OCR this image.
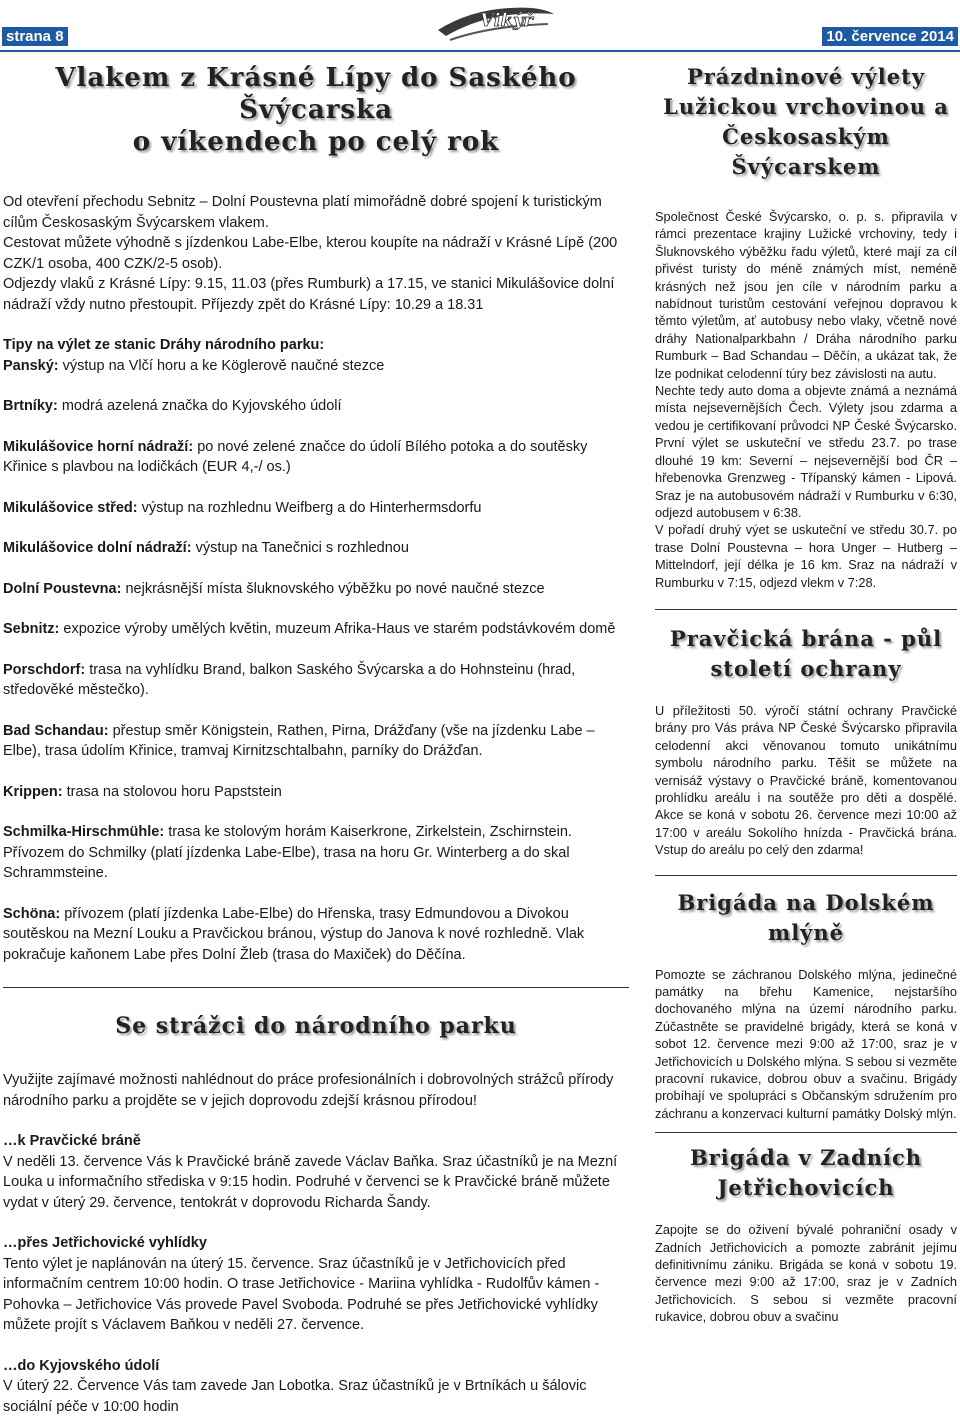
strana 8
Vikýř
10. července 2014
Vlakem z Krásné Lípy do Saského Švýcarska
o víkendech po celý rok

Od otevření přechodu Sebnitz – Dolní Poustevna platí mimořádně dobré spojení k turistickým cílům Českosaským Švýcarskem vlakem.

Cestovat můžete výhodně s jízdenkou Labe-Elbe, kterou koupíte na nádraží v Krásné Lípě (200 CZK/1 osoba, 400 CZK/2-5 osob).

Odjezdy vlaků z Krásné Lípy: 9.15, 11.03 (přes Rumburk) a 17.15, ve stanici Mikulášovice dolní nádraží vždy nutno přestoupit. Příjezdy zpět do Krásné Lípy: 10.29 a 18.31

Tipy na výlet ze stanic Dráhy národního parku:

Panský: výstup na Vlčí horu a ke Köglerově naučné stezce

Brtníky: modrá azelená značka do Kyjovského údolí

Mikulášovice horní nádraží: po nové zelené značce do údolí Bílého potoka a do soutěsky Křinice s plavbou na lodičkách (EUR 4,-/ os.)

Mikulášovice střed: výstup na rozhlednu Weifberg a do Hinterhermsdorfu

Mikulášovice dolní nádraží: výstup na Tanečnici s rozhlednou

Dolní Poustevna: nejkrásnější místa šluknovského výběžku po nové naučné stezce

Sebnitz: expozice výroby umělých květin, muzeum Afrika-Haus ve starém podstávkovém domě

Porschdorf: trasa na vyhlídku Brand, balkon Saského Švýcarska a do Hohnsteinu (hrad, středověké městečko).

Bad Schandau: přestup směr Königstein, Rathen, Pirna, Drážďany (vše na jízdenku Labe – Elbe), trasa údolím Křinice, tramvaj Kirnitzschtalbahn, parníky do Drážďan.

Krippen: trasa na stolovou horu Papststein

Schmilka-Hirschmühle: trasa ke stolovým horám Kaiserkrone, Zirkelstein, Zschirnstein. Přívozem do Schmilky (platí jízdenka Labe-Elbe), trasa na horu Gr. Winterberg a do skal Schrammsteine.

Schöna: přívozem (platí jízdenka Labe-Elbe) do Hřenska, trasy Edmundovou a Divokou soutěskou na Mezní Louku a Pravčickou bránou, výstup do Janova k nové rozhledně. Vlak pokračuje kaňonem Labe přes Dolní Žleb (trasa do Maxiček) do Děčína.

Se strážci do národního parku

Využijte zajímavé možnosti nahlédnout do práce profesionálních i dobrovolných strážců přírody národního parku a projděte se v jejich doprovodu zdejší krásnou přírodou!

…k Pravčické bráně

V neděli 13. července Vás k Pravčické bráně zavede Václav Baňka. Sraz účastníků je na Mezní Louka u informačního střediska v 9:15 hodin. Podruhé v červenci se k Pravčické bráně můžete vydat v úterý 29. července, tentokrát v doprovodu Richarda Šandy.

…přes Jetřichovické vyhlídky

Tento výlet je naplánován na úterý 15. července. Sraz účastníků je v Jetřichovicích před informačním centrem 10:00 hodin. O trase Jetřichovice - Mariina vyhlídka - Rudolfův kámen - Pohovka – Jetřichovice Vás provede Pavel Svoboda. Podruhé se přes Jetřichovické vyhlídky můžete projít s Václavem Baňkou v neděli 27. července.

…do Kyjovského údolí

V úterý 22. Července Vás tam zavede Jan Lobotka. Sraz účastníků je v Brtníkách u šálovic sociální péče v 10:00 hodin

Prázdninové výlety Lužickou vrchovinou a Českosaským Švýcarskem

Společnost České Švýcarsko, o. p. s. připravila v rámci prezentace krajiny Lužické vrchoviny, tedy i Šluknovského výběžku řadu výletů, které mají za cíl přivést turisty do méně známých míst, neméně krásných než jsou jen cíle v národním parku a nabídnout turistům cestování veřejnou dopravou k těmto výletům, ať autobusy nebo vlaky, včetně nové dráhy Nationalparkbahn / Dráha národního parku Rumburk – Bad Schandau – Děčín, a ukázat tak, že lze podnikat celodenní túry bez závislosti na autu.

Nechte tedy auto doma a objevte známá a neznámá místa nejsevernějších Čech. Výlety jsou zdarma a vedou je certifikovaní průvodci NP České Švýcarsko. První výlet se uskuteční ve středu 23.7. po trase dlouhé 19 km: Severní – nejsevernější bod ČR – hřebenovka Grenzweg - Třípanský kámen - Lipová. Sraz je na autobusovém nádraží v Rumburku v 6:30, odjezd autobusem v 6:38.

V pořadí druhý výet se uskuteční ve středu 30.7. po trase Dolní Poustevna – hora Unger – Hutberg – Mittelndorf, její délka je 16 km. Sraz na nádraží v Rumburku v 7:15, odjezd vlekm v 7:28.

Pravčická brána - půl století ochrany

U příležitosti 50. výročí státní ochrany Pravčické brány pro Vás práva NP České Švýcarsko připravila celodenní akci věnovanou tomuto unikátnímu symbolu národního parku. Těšit se můžete na vernisáž výstavy o Pravčické bráně, komentovanou prohlídku areálu i na soutěže pro děti a dospělé. Akce se koná v sobotu 26. července mezi 10:00 až 17:00 v areálu Sokolího hnízda - Pravčická brána. Vstup do areálu po celý den zdarma!

Brigáda na Dolském mlýně

Pomozte se záchranou Dolského mlýna, jedinečné památky na břehu Kamenice, nejstaršího dochovaného mlýna na území národního parku. Zúčastněte se pravidelné brigády, která se koná v sobot 12. července mezi 9:00 až 17:00, sraz je v Jetřichovicích u Dolského mlýna. S sebou si vezměte pracovní rukavice, dobrou obuv a svačinu. Brigády probíhají ve spolupráci s Občanským sdružením pro záchranu a konzervaci kulturní památky Dolský mlýn.

Brigáda v Zadních Jetřichovicích

Zapojte se do oživení bývalé pohraniční osady v Zadních Jetřichovicích a pomozte zabránit jejímu definitivnímu zániku. Brigáda se koná v sobotu 19. července mezi 9:00 až 17:00, sraz je v Zadních Jetřichovicích. S sebou si vezměte pracovní rukavice, dobrou obuv a svačinu
